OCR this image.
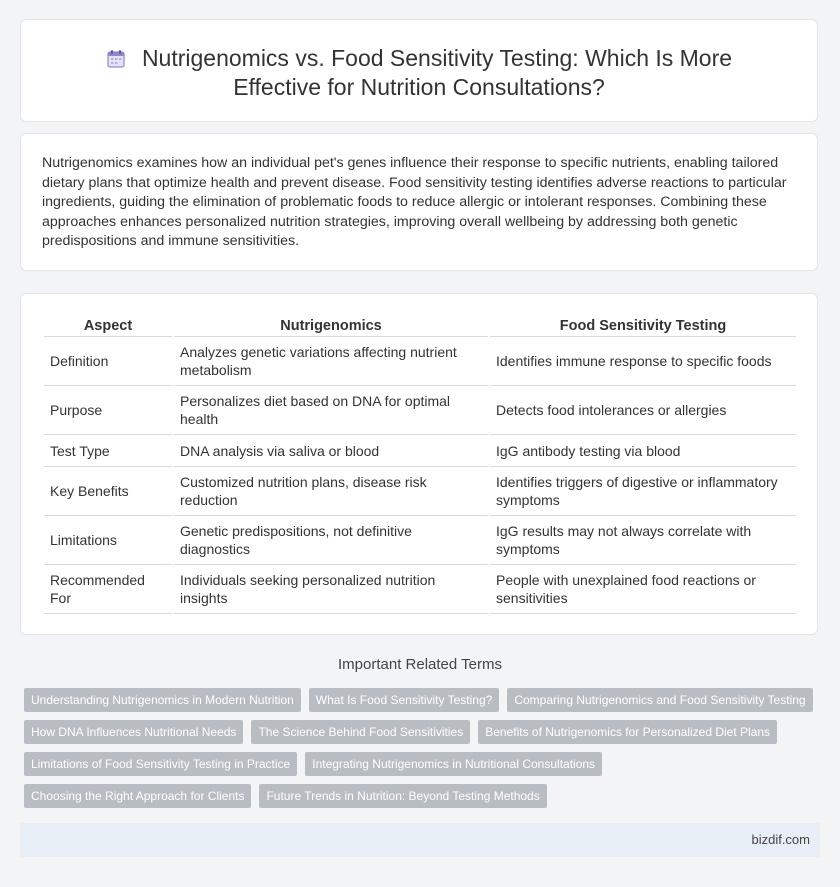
Nutrigenomics vs. Food Sensitivity Testing: Which Is More Effective for Nutrition Consultations?

Nutrigenomics examines how an individual pet's genes influence their response to specific nutrients, enabling tailored dietary plans that optimize health and prevent disease. Food sensitivity testing identifies adverse reactions to particular ingredients, guiding the elimination of problematic foods to reduce allergic or intolerant responses. Combining these approaches enhances personalized nutrition strategies, improving overall wellbeing by addressing both genetic predispositions and immune sensitivities.

Aspect	Nutrigenomics	Food Sensitivity Testing
Definition	Analyzes genetic variations affecting nutrient metabolism	Identifies immune response to specific foods
Purpose	Personalizes diet based on DNA for optimal health	Detects food intolerances or allergies
Test Type	DNA analysis via saliva or blood	IgG antibody testing via blood
Key Benefits	Customized nutrition plans, disease risk reduction	Identifies triggers of digestive or inflammatory symptoms
Limitations	Genetic predispositions, not definitive diagnostics	IgG results may not always correlate with symptoms
Recommended For	Individuals seeking personalized nutrition insights	People with unexplained food reactions or sensitivities
Important Related Terms
Understanding Nutrigenomics in Modern Nutrition What Is Food Sensitivity Testing? Comparing Nutrigenomics and Food Sensitivity Testing
How DNA Influences Nutritional Needs The Science Behind Food Sensitivities Benefits of Nutrigenomics for Personalized Diet Plans
Limitations of Food Sensitivity Testing in Practice Integrating Nutrigenomics in Nutritional Consultations
Choosing the Right Approach for Clients Future Trends in Nutrition: Beyond Testing Methods
bizdif.com
